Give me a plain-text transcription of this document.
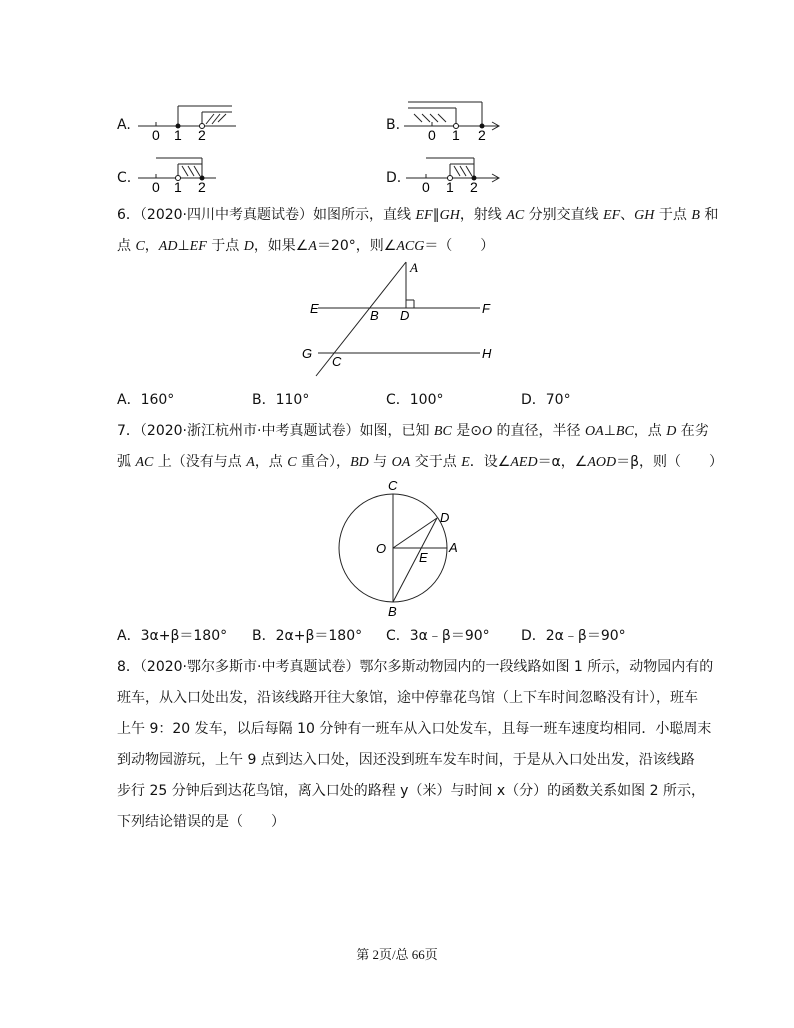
A.
0 1 2
B.
0 1 2
C.
0 1 2
D.
0 1 2
6．（2020·四川中考真题试卷）如图所示，直线 EF∥GH，射线 AC 分别交直线 EF、GH 于点 B 和
点 C，AD⊥EF 于点 D，如果∠A＝20°，则∠ACG＝（　　）
A
E	F
B D
G	H
C
A．160°	B．110°	C．100°	D．70°
7．（2020·浙江杭州市·中考真题试卷）如图，已知 BC 是⊙O 的直径，半径 OA⊥BC，点 D 在劣
弧 AC 上（没有与点 A，点 C 重合），BD 与 OA 交于点 E．设∠AED＝α，∠AOD＝β，则（　　）
C
D
O
E
A
B
A．3α+β＝180° B．2α+β＝180° C．3α﹣β＝90° D．2α﹣β＝90°
8．（2020·鄂尔多斯市·中考真题试卷）鄂尔多斯动物园内的一段线路如图 1 所示，动物园内有的
班车，从入口处出发，沿该线路开往大象馆，途中停靠花鸟馆（上下车时间忽略没有计），班车
上午 9：20 发车，以后每隔 10 分钟有一班车从入口处发车，且每一班车速度均相同．小聪周末
到动物园游玩，上午 9 点到达入口处，因还没到班车发车时间，于是从入口处出发，沿该线路
步行 25 分钟后到达花鸟馆，离入口处的路程 y（米）与时间 x（分）的函数关系如图 2 所示，
下列结论错误的是（　　）
第 2页/总 66页
